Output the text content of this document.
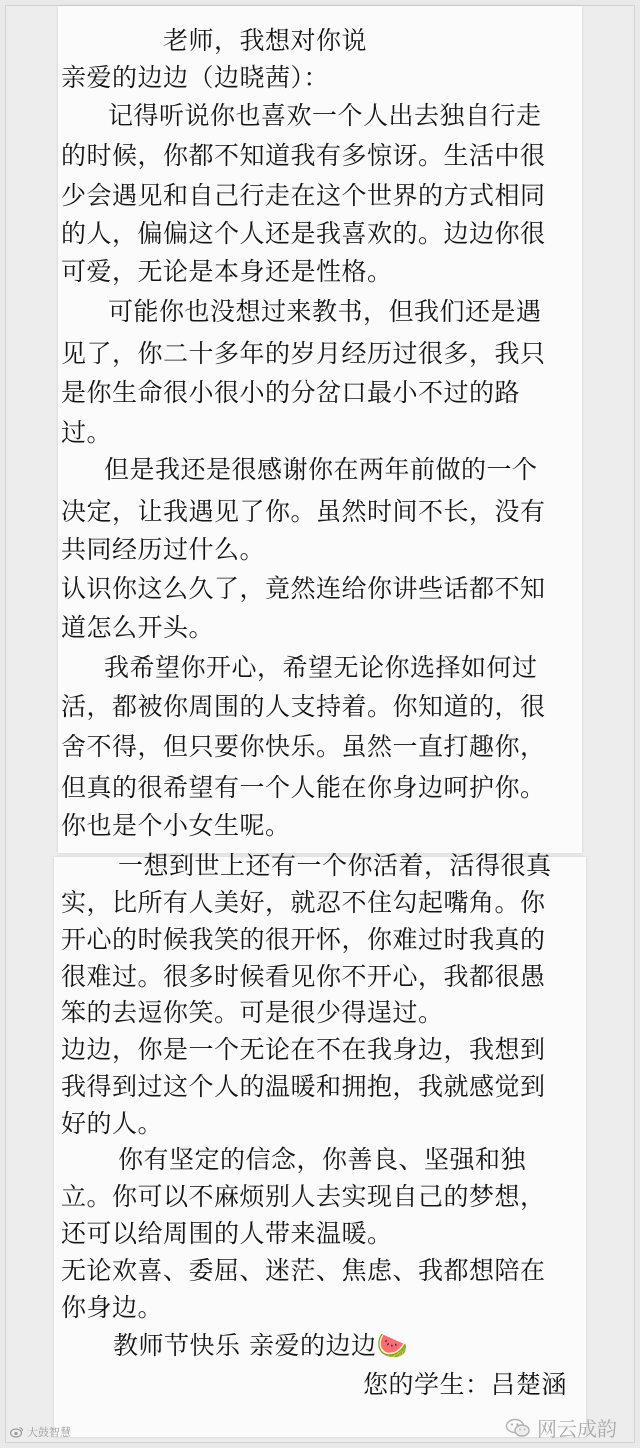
老师，我想对你说
亲爱的边边（边晓茜）：
记得听说你也喜欢一个人出去独自行走
的时候，你都不知道我有多惊讶。生活中很
少会遇见和自己行走在这个世界的方式相同
的人，偏偏这个人还是我喜欢的。边边你很
可爱，无论是本身还是性格。
可能你也没想过来教书，但我们还是遇
见了，你二十多年的岁月经历过很多，我只
是你生命很小很小的分岔口最小不过的路
过。
但是我还是很感谢你在两年前做的一个
决定，让我遇见了你。虽然时间不长，没有
共同经历过什么。
认识你这么久了，竟然连给你讲些话都不知
道怎么开头。
我希望你开心，希望无论你选择如何过
活，都被你周围的人支持着。你知道的，很
舍不得，但只要你快乐。虽然一直打趣你，
但真的很希望有一个人能在你身边呵护你。
你也是个小女生呢。
一想到世上还有一个你活着，活得很真
实，比所有人美好，就忍不住勾起嘴角。你
开心的时候我笑的很开怀，你难过时我真的
很难过。很多时候看见你不开心，我都很愚
笨的去逗你笑。可是很少得逞过。
边边，你是一个无论在不在我身边，我想到
我得到过这个人的温暖和拥抱，我就感觉到
好的人。
你有坚定的信念，你善良、坚强和独
立。你可以不麻烦别人去实现自己的梦想，
还可以给周围的人带来温暖。
无论欢喜、委屈、迷茫、焦虑、我都想陪在
你身边。
教师节快乐 亲爱的边边🍉
您的学生：吕楚涵
大鼓智慧	网云成韵
